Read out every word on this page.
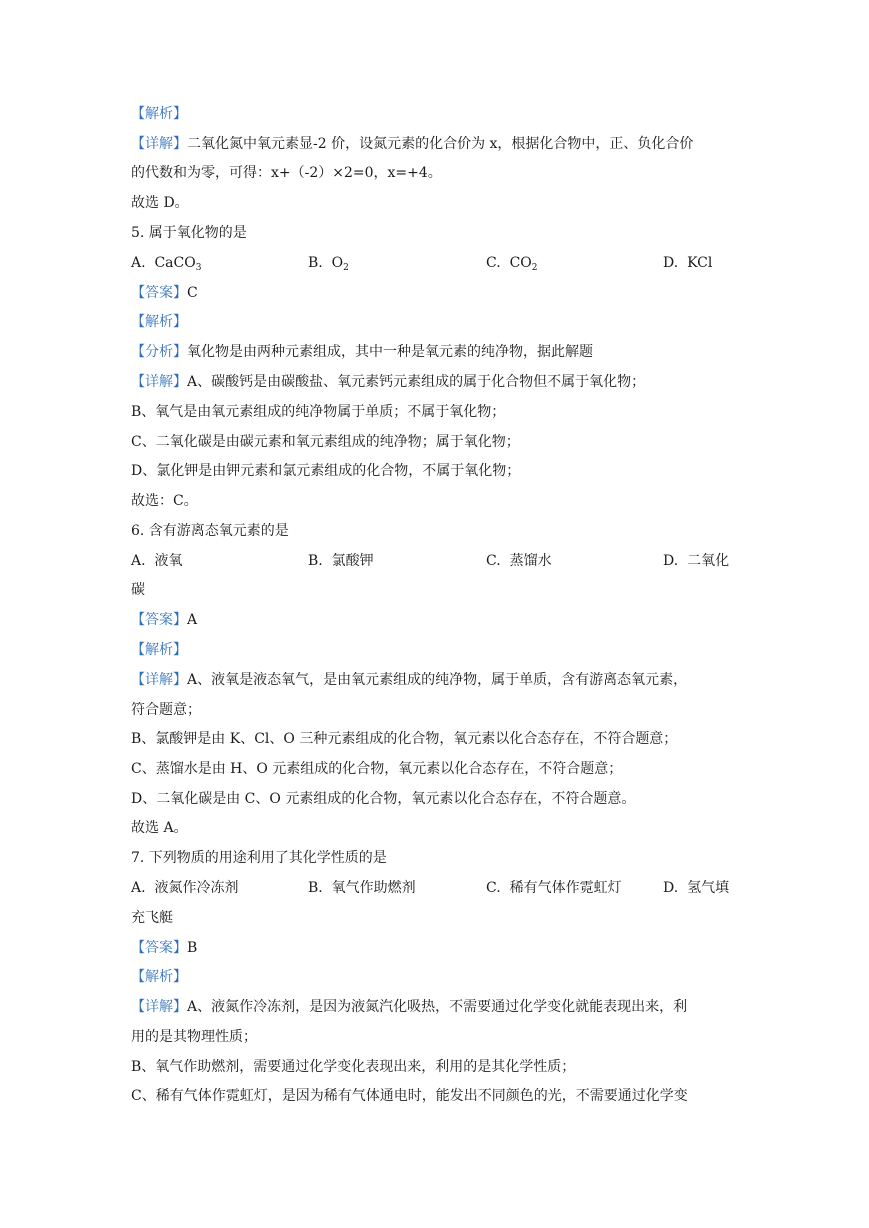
【解析】
【详解】二氧化氮中氧元素显-2 价，设氮元素的化合价为 x，根据化合物中，正、负化合价
的代数和为零，可得：x+（-2）×2=0，x=+4。
故选 D。
5. 属于氧化物的是
A. CaCO$_3$	B. $O_2$	C. $CO_2$	D. KCl
【答案】C
【解析】
【分析】氧化物是由两种元素组成，其中一种是氧元素的纯净物，据此解题
【详解】A、碳酸钙是由碳酸盐、氧元素钙元素组成的属于化合物但不属于氧化物；
B、氧气是由氧元素组成的纯净物属于单质；不属于氧化物；
C、二氧化碳是由碳元素和氧元素组成的纯净物；属于氧化物；
D、氯化钾是由钾元素和氯元素组成的化合物，不属于氧化物；
故选：C。
6. 含有游离态氧元素的是
A. 液氧	B. 氯酸钾	C. 蒸馏水	D. 二氧化
碳
【答案】A
【解析】
【详解】A、液氧是液态氧气，是由氧元素组成的纯净物，属于单质，含有游离态氧元素，
符合题意；
B、氯酸钾是由 K、Cl、O 三种元素组成的化合物，氧元素以化合态存在，不符合题意；
C、蒸馏水是由 H、O 元素组成的化合物，氧元素以化合态存在，不符合题意；
D、二氧化碳是由 C、O 元素组成的化合物，氧元素以化合态存在，不符合题意。
故选 A。
7. 下列物质的用途利用了其化学性质的是
A. 液氮作冷冻剂	B. 氧气作助燃剂	C. 稀有气体作霓虹灯	D. 氢气填
充飞艇
【答案】B
【解析】
【详解】A、液氮作冷冻剂，是因为液氮汽化吸热，不需要通过化学变化就能表现出来，利
用的是其物理性质；
B、氧气作助燃剂，需要通过化学变化表现出来，利用的是其化学性质；
C、稀有气体作霓虹灯，是因为稀有气体通电时，能发出不同颜色的光，不需要通过化学变
